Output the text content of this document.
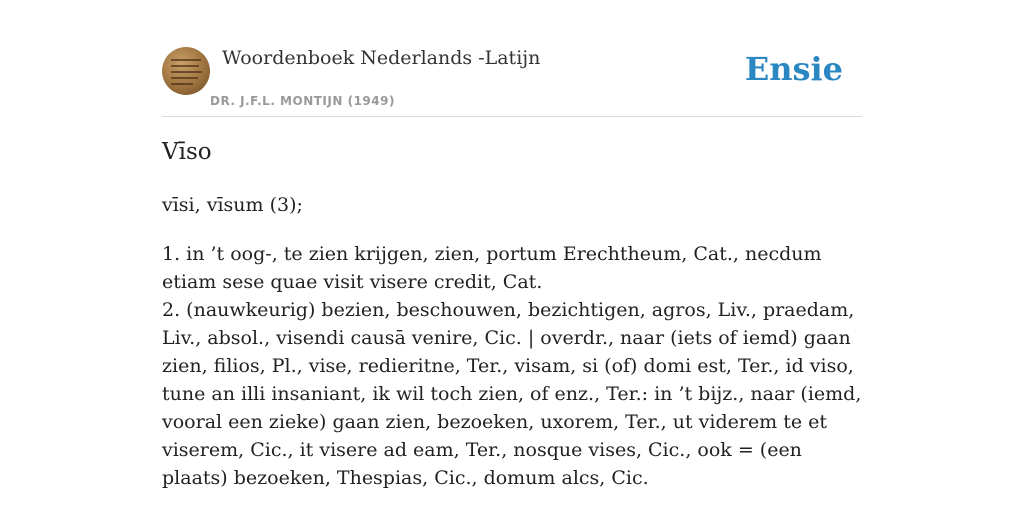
Woordenboek Nederlands -Latijn
DR. J.F.L. MONTIJN (1949)
Ensie
Vīso

vīsi, vīsum (3);

1. in ’t oog-, te zien krijgen, zien, portum Erechtheum, Cat., necdum etiam sese quae visit visere credit, Cat.

2. (nauwkeurig) bezien, beschouwen, bezichtigen, agros, Liv., praedam, Liv., absol., visendi causā venire, Cic. | overdr., naar (iets of iemd) gaan zien, filios, Pl., vise, redieritne, Ter., visam, si (of) domi est, Ter., id viso, tune an illi insaniant, ik wil toch zien, of enz., Ter.: in ’t bijz., naar (iemd, vooral een zieke) gaan zien, bezoeken, uxorem, Ter., ut viderem te et viserem, Cic., it visere ad eam, Ter., nosque vises, Cic., ook = (een plaats) bezoeken, Thespias, Cic., domum alcs, Cic.
